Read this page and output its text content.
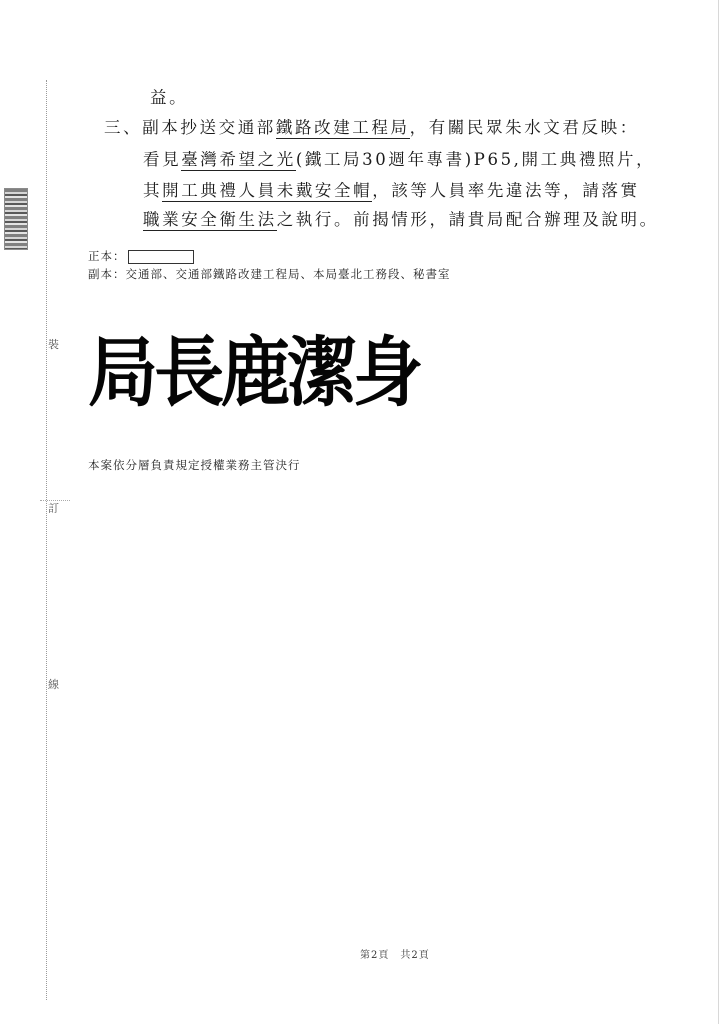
裝
訂
線
益。
三、副本抄送交通部鐵路改建工程局，有關民眾朱水文君反映：
看見臺灣希望之光(鐵工局30週年專書)P65,開工典禮照片，
其開工典禮人員未戴安全帽，該等人員率先違法等，請落實
職業安全衛生法之執行。前揭情形，請貴局配合辦理及說明。
正本：
副本：交通部、交通部鐵路改建工程局、本局臺北工務段、秘書室
局長鹿潔身
本案依分層負責規定授權業務主管決行
第2頁　共2頁
